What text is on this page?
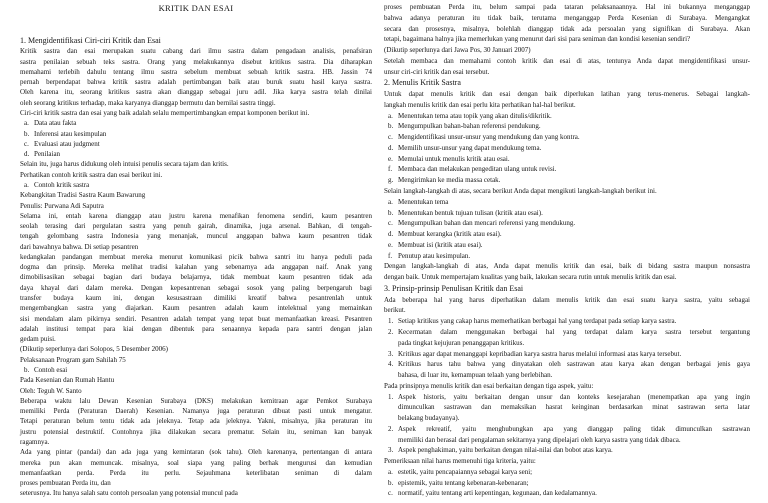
KRITIK DAN ESAI
1. Mengidentifikasi Ciri-ciri Kritik dan Esai
Kritik sastra dan esai merupakan suatu cabang dari ilmu sastra dalam pengadaan analisis, penafsiran
sastra penilaian sebuah teks sastra. Orang yang melakukannya disebut kritikus sastra. Dia diharapkan
memahami terlebih dahulu tentang ilmu sastra sebelum membuat sebuah kritik sastra. HB. Jassin 74
pernah berpendapat bahwa kritik sastra adalah pertimbangan baik atau buruk suatu hasil karya sastra.
Oleh karena itu, seorang kritikus sastra akan dianggap sebagai juru adil. Jika karya sastra telah dinilai
oleh seorang kritikus terhadap, maka karyanya dianggap bermutu dan bernilai sastra tinggi.
Ciri-ciri kritik sastra dan esai yang baik adalah selalu mempertimbangkan empat komponen berikut ini.
a. Data atau fakta
b. Inferensi atau kesimpulan
c. Evaluasi atau judgment
d. Penilaian
Selain itu, juga harus didukung oleh intuisi penulis secara tajam dan kritis.
Perhatikan contoh kritik sastra dan esai berikut ini.
a. Contoh kritik sastra
Kebangkitan Tradisi Sastra Kaum Bawarung
Penulis: Purwana Adi Saputra
Selama ini, entah karena dianggap atau justru karena menafikan fenomena sendiri, kaum pesantren
seolah terasing dari pergulatan sastra yang penuh gairah, dinamika, juga arsenal. Bahkan, di tengah-
tengah gelombang sastra Indonesia yang menanjak, muncul anggapan bahwa kaum pesantren tidak
dari bawahnya bahwa. Di setiap pesantren
kedangkalan pandangan membuat mereka menurut komunikasi picik bahwa santri itu hanya peduli pada
dogma dan prinsip. Mereka melihat tradisi kalahan yang sebenarnya ada anggapan naif. Anak yang
dimobilisasikan sebagai bagian dari budaya belajarnya, tidak membuat kaum pesantren tidak ada
daya khayal dari dalam mereka. Dengan kepesantrenan sebagai sosok yang paling berpengaruh bagi
transfer budaya kaum ini, dengan kesusastraan dimiliki kreatif bahwa pesantrenlah untuk
mengembangkan sastra yang diajarkan. Kaum pesantren adalah kaum intelektual yang memainkan
sisi mendalam alam pikirnya sendiri. Pesantren adalah tempat yang tepat buat memanfaatkan kreasi. Pesantren
adalah institusi tempat para kiai dengan dibentuk para senaannya kepada para santri dengan jalan
gedam puisi.
(Dikutip seperlunya dari Solopos, 5 Desember 2006)
Pelaksanaan Program gam Sahilah 75
b. Contoh esai
Pada Kesenian dan Rumah Hantu
Oleh: Teguh W. Santo
Beberapa waktu lalu Dewan Kesenian Surabaya (DKS) melakukan kemitraan agar Pemkot Surabaya
memiliki Perda (Peraturan Daerah) Kesenian. Namanya juga peraturan dibuat pasti untuk mengatur.
Tetapi peraturan belum tentu tidak ada jeleknya. Tetap ada jeleknya. Yakni, misalnya, jika peraturan itu
justru potensial destruktif. Contohnya jika dilakukan secara prematur. Selain itu, seniman kan banyak
ragamnya.
Ada yang pintar (pandai) dan ada juga yang kemintaran (sok tahu). Oleh karenanya, pertentangan di antara
mereka pun akan memuncak. misalnya, soal siapa yang paling berhak mengurusi dan kemudian
memanfaatkan perda. Perda itu perlu. Sejauhmana keterlibatan seniman di dalam
proses pembuatan Perda itu, dan
seterusnya. Itu hanya salah satu contoh persoalan yang potensial muncul pada
proses pembuatan Perda itu, belum sampai pada tataran pelaksanaannya. Hal ini bukannya menganggap
bahwa adanya peraturan itu tidak baik, terutama menganggap Perda Kesenian di Surabaya. Mengangkat
secara dan prosesnya, misalnya, bolehlah dianggap tidak ada persoalan yang signifikan di Surabaya. Akan
tetapi, bagaimana halnya jika memerlukan yang menurut dari sisi para seniman dan kondisi kesenian sendiri?
(Dikutip seperlunya dari Jawa Pos, 30 Januari 2007)
Setelah membaca dan memahami contoh kritik dan esai di atas, tentunya Anda dapat mengidentifikasi unsur-
unsur ciri-ciri kritik dan esai tersebut.
2. Menulis Kritik Sastra
Untuk dapat menulis kritik dan esai dengan baik diperlukan latihan yang terus-menerus. Sebagai langkah-
langkah menulis kritik dan esai perlu kita perhatikan hal-hal berikut.
a. Menentukan tema atau topik yang akan ditulis/dikritik.
b. Mengumpulkan bahan-bahan referensi pendukung.
c. Mengidentifikasi unsur-unsur yang mendukung dan yang kontra.
d. Memilih unsur-unsur yang dapat mendukung tema.
e. Memulai untuk menulis kritik atau esai.
f. Membaca dan melakukan pengeditan ulang untuk revisi.
g. Mengirimkan ke media massa cetak.
Selain langkah-langkah di atas, secara berikut Anda dapat mengikuti langkah-langkah berikut ini.
a. Menentukan tema
b. Menentukan bentuk tujuan tulisan (kritik atau esai).
c. Mengumpulkan bahan dan mencari referensi yang mendukung.
d. Membuat kerangka (kritik atau esai).
e. Membuat isi (kritik atau esai).
f. Penutup atau kesimpulan.
Dengan langkah-langkah di atas, Anda dapat menulis kritik dan esai, baik di bidang sastra maupun nonsastra
dengan baik. Untuk mempertajam kualitas yang baik, lakukan secara rutin untuk menulis kritik dan esai.
3. Prinsip-prinsip Penulisan Kritik dan Esai
Ada beberapa hal yang harus diperhatikan dalam menulis kritik dan esai suatu karya sastra, yaitu sebagai
berikut.
1. Setiap kritikus yang cakap harus memerhatikan berbagai hal yang terdapat pada setiap karya sastra.
2. Kecermatan dalam menggunakan berbagai hal yang terdapat dalam karya sastra tersebut tergantung
pada tingkat kejujuran penanggapan kritikus.
3. Kritikus agar dapat menanggapi kepribadian karya sastra harus melalui informasi atas karya tersebut.
4. Kritikus harus tahu bahwa yang dinyatakan oleh sastrawan atau karya akan dengan berbagai jenis gaya
bahasa, di luar itu, kemampuan telaah yang berlebihan.
Pada prinsipnya menulis kritik dan esai berkaitan dengan tiga aspek, yaitu:
1. Aspek historis, yaitu berkaitan dengan unsur dan konteks kesejarahan (menempatkan apa yang ingin
dimunculkan sastrawan dan memaksikan hasrat keinginan berdasarkan minat sastrawan serta latar
belakang budayanya).
2. Aspek rekreatif, yaitu menghubungkan apa yang dianggap paling tidak dimunculkan sastrawan
memiliki dan berasal dari pengalaman sekitarnya yang dipelajari oleh karya sastra yang tidak dibaca.
3. Aspek penghakiman, yaitu berkaitan dengan nilai-nilai dan bobot atas karya.
Pemeriksaan nilai harus memenuhi tiga kriteria, yaitu:
a. estetik, yaitu pencapaiannya sebagai karya seni;
b. epistemik, yaitu tentang kebenaran-kebenaran;
c. normatif, yaitu tentang arti kepentingan, kegunaan, dan kedalamannya.
